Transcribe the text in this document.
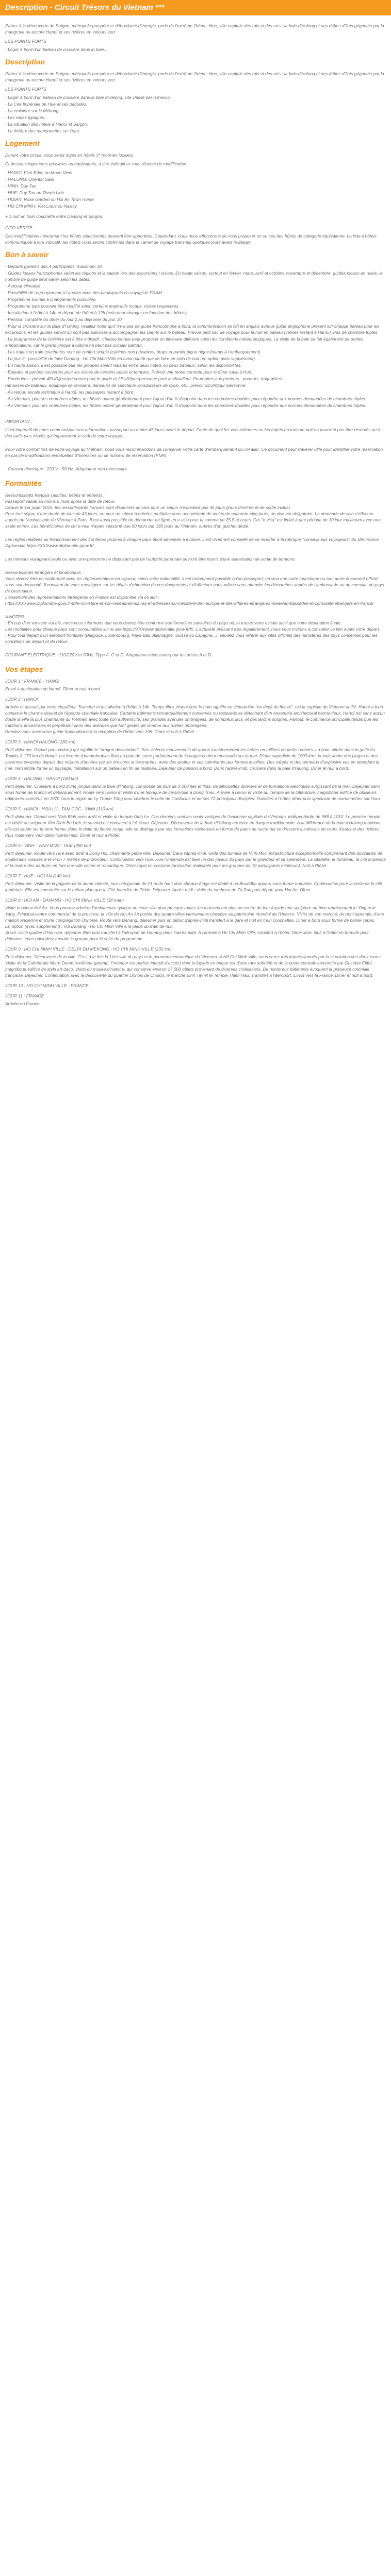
Description - Circuit Trésors du Vietnam ***

Partez à la découverte de Saïgon, métropole prospère et débordante d'énergie, perle de l'extrême Orient ; Hue, ville capitale des rois et des arts ; la baie d'Halong et ses drôles d'îlots grignotés par la mangrove ou encore Hanoï et ses rizières en velours vert.

LES POINTS FORTS

- Loger à bord d'un bateau de croisière dans la baie...

Description

Partez à la découverte de Saïgon, métropole prospère et débordante d'énergie, perle de l'extrême Orient ; Hue, ville capitale des rois et des arts ; la baie d'Halong et ses drôles d'îlots grignotés par la mangrove ou encore Hanoï et ses rizières en velours vert.

LES POINTS FORTS

- Loger à bord d'un bateau de croisière dans la baie d'Halong, site classé par l'Unesco.
- La Cité Impériale de Hué et ses pagodes.
- La croisière sur le Mékong.
- Les repas typiques.
- La situation des hôtels à Hanoï et Saïgon.
- Le théâtre des marionnettes sur l'eau.
Logement

Durant votre circuit, vous serez logés en hôtels 3* (normes locales).

Ci-dessous logements possibles ou équivalents, à titre indicatif et sous réserve de modification :

- HANOI: First Eden ou Moon View
- HALONG: Oriental Sails
- VINH: Duy Tan
- HUE: Duy Tan ou Thanh Lich
- HOIAN: Rose Garden ou Hoi An Town Home
- HO CHI MINH: Viet Lotus ou Nicecy

+ 1 nuit en train couchette entre Danang et Saïgon.

INFO VÉRITÉ

Des modifications concernant les hôtels sélectionnés peuvent être apportées. Cependant, nous nous efforcerons de vous proposer un ou ces des hôtels de catégorie équivalente. La liste d'hôtels communiquée à titre indicatif, les hôtels vous seront confirmés dans le carnet de voyage transmis quelques jours avant le départ.

Bon à savoir
- Départs garantis dès 4 participants, maximum 38.
- Guides locaux francophones selon les régions et la saison lors des excursions / visites. En haute saison, surtout en février, mars, avril et octobre, novembre et décembre, guides locaux en relais, le nombre de guide peut varier selon les dates.
- Autocar climatisé.
- Possibilité de regroupement à l'arrivée avec des participants du voyagiste FRAM.
- Programme soumis à changements possibles.
- Programme type pouvant être modifié selon certains impératifs locaux, visites respectées.
- Installation à l'hôtel à 14h et départ de l'hôtel à 12h (cela peut changer en fonction des hôtels).
- Pension complète du dîner du jour 2 au déjeuner du jour 10.
- Pour la croisière sur la Baie d'Halong, veuillez noter qu'il n'y a pas de guide francophone à bord, la communication se fait en anglais avec le guide anglophone présent sur chaque bateau pour les excursions, et les guides seront ou sont pas autorisés à accompagner les clients sur le bateau. Prévoir petit sac de voyage pour la nuit en bateau (valises restant à Hanoï). Pas de chambre triples.
- Le programme de la croisière est à titre indicatif : chaque jonque peut proposer un itinéraire différent selon les conditions météorologiques. La visite de la baie se fait également de petites embarcations, car le grand jonque à cabine ne peut pas circuler partout.
- Les trajets en train couchettes sont de confort simple (cabines non privatives, draps et panier pique nique fournis à l'embarquement).
- Le jour 2 : possibilité de faire Danang - Ho Chi Minh Ville en avion plutôt que de faire en train de nuit (en option avec supplément).
- En haute saison, il est possible que les groupes soient répartis entre deux hôtels ou deux bateaux, selon les disponibilités.
- Épaules et jambes couvertes pour les visites de certains palais et temples. Prévoir une tenue correcte pour le dîner royal à Hué.
- Pourboires : prévoir 4EUR/jour/personne pour le guide et 2EUR/jour/personne pour le chauffeur. Pourboires aux porteurs : porteurs, bagagistes...
ramasses de bateaux, équipage de croisière, danseurs de spectacle, conducteurs de cyclo, etc : prévoir 2EUR/jour /personne.
- Au retour, escale technique à Hanoï, les passagers restant à bord.
- Au Vietnam, pour les chambres triples, les hôtels optent généralement pour l'ajout d'un lit d'appoint dans les chambres doubles pour répondre aux normes demandées de chambres triples.
- Au Vietnam, pour les chambres triples, les hôtels optent généralement pour l'ajout d'un lit d'appoint dans les chambres doubles pour répondre aux normes demandées de chambres triples.

IMPORTANT :

Il est impératif de nous communiquer vos informations passeport au moins 45 jours avant le départ. Faute de quoi les vols intérieurs ou les trajets en train de nuit ne pourront pas être réservés ou à des tarifs plus élevés qui impacteront le coût de votre voyage.

Pour votre confort lors de votre voyage au Vietnam, nous vous recommandons de conserver votre carte d'embarquement du vol aller. Ce document peut s'avérer utile pour identifier votre réservation en cas de modifications éventuelles d'itinéraires ou de numéro de réservation (PNR).

- Courant électrique : 220 V - 50 Hz. Adaptateur non nécessaire.

Formalités

Ressortissants français (adultes, bébés et enfants) :
Passeport valide au moins 6 mois après la date de retour.
Depuis le 1er juillet 2015, les ressortissants français sont dispensés de visa pour un séjour n'excédant pas 45 jours (jours d'entrée et de sortie inclus).
Pour tout séjour d'une durée de plus de 45 jours, ou pour un séjour à entrées multiples dans une période de moins de quarante-cinq jours, un visa est obligatoire. La demande de visa s'effectue auprès de l'ambassade du Vietnam à Paris. Il est aussi possible de demander en ligne un e-visa pour la somme de 25 $ et cours. Cet "e-visa" est limité à une période de 30 jour maximum avec une seule entrée. Les bénéficiaires de cet e-visa n'ayant séjourné que 90 jours par 180 jours au Vietnam, auprès d'un guichet dédié.

Les règles relatives au franchissement des frontières propres à chaque pays étant amenées à évoluer, il est vivement conseillé de se reporter à la rubrique "conseils aux voyageurs" du site France Diplomatie,https://XXXwww.diplomatie.gouv.fr/.

Les mineurs voyageant seuls ou avec une personne ne disposant pas de l'autorité parentale devront être munis d'une autorisation de sortie de territoire.

Ressortissants étrangers et binationaux :
Vous devrez être en conformité avec les réglementations en vigueur, selon votre nationalité. Il est notamment possible qu'un passeport, un visa une carte touristique ou tout autre document officiel vous soit demandé. Il convient de vous renseigner sur les délais d'obtention de ces documents et d'effectuer vous-même sans attendre les démarches auprès de l'ambassade ou du consulat du pays de destination.
L'ensemble des représentations étrangères en France est disponible via ce lien :
https://XXXwww.diplomatie.gouv.fr/fr/le-ministere-et-son-reseau/annuaires-et-adresses-du-ministere-de-l-europe-et-des-affaires-etrangeres-meae/ambassades-et-consulats-etrangers-en-france/

A NOTER
- En cas d'un vol avec escale, nous vous informons que vous devrez être conforme aux formalités sanitaires du pays où se trouve votre escale ainsi que votre destination finale.
Les modalités pour chaque pays sont consultables sur le site https://XXXwww.diplomatie.gouv.fr/fr/. L'actualité évoluant très régulièrement, nous vous invitons à consulter ce lien avant votre départ.
- Pour tout départ d'un aéroport frontalier (Belgique, Luxembourg, Pays-Bas, Allemagne, Suisse ou Espagne...), veuillez vous référer aux sites officiels des ministères des pays concernés pour les conditions de départ et de retour.

COURANT ÉLECTRIQUE : 110/220V et 50Hz. Type A, C et D. Adaptateur nécessaire pour les prises A et D.

Vos étapes

JOUR 1 : FRANCE - HANOI

Envol à destination de Hanoï. Dîner et nuit à bord.

JOUR 2 : HANOI

Arrivée et accueil par votre chauffeur. Transfert et installation à l'hôtel à 14h. Temps libre. Hanoï dont le nom signifie en vietnamien "en deçà du fleuve", est la capitale du Vietnam unifié. Hanoï a bien conservé le charme désuet de l'époque coloniale française. Certains bâtiments remarquablement conservés ou restaurés se détachent d'un ensemble architectural harmonieux. Hanoï est sans aucun doute la ville la plus charmante du Vietnam avec toute son authenticité, ses grandes avenues ombragées, de nombreux lacs, et des jardins soignés. Partout, le commerce principale tandis que les traditions ancestrales et perpétuent dans des avenues que font gestes de charme aux ruelles ombragées.
Rendez-vous avec votre guide francophone à la réception de l'hôtel vers 19h. Dîner et nuit à l'hôtel.

JOUR 3 : HANOI HALONG (180 km)

Petit déjeuner. Départ pour Halong qui signifie le "dragon descendant". Ses violents mouvements de queue transformèrent les crêtes en milliers de petits rochers. La baie, située dans le golfe du Tonkin, à 170 km de Hanoï, est formée d'innombrables îlots en pain de sucre parfaitement de la vague couleur émeraude sur la mer. D'une superficie de 1500 km², la baie abrite des plages et des cavernes creusées depuis des millions d'années par les érosions et les marées, avec des grottes et ses culminants aux formes insolites. Des siégés et des anneaux d'explosive vus en attendant la mer, l'ensemble forme un paysage. Installation sur un bateau en fin de matinée. Déjeuner de poisson à bord. Dans l'après-midi, croisière dans la baie d'Halong. Dîner et nuit à bord.

JOUR 4 : HALONG - HANOI (180 km)

Petit déjeuner. Croisière à bord d'une jonque dans la baie d'Halong, composée de plus de 3 000 îles et îlots, de silhouettes diverses et de formations karstiques surgissant de la mer. Déjeuner servi sous forme de brunch et débarquement. Route vers Hanoï et visite d'une fabrique de céramique à Dong Trieu. Arrivée à Hanoï et visite du Temple de la Littérature, magnifique édifice de plusieurs bâtiments, construit en 1070 sous le règne de Ly Thanh Tông pour célébrer le culte de Confucius et de ses 72 principaux disciples. Transfert à l'hôtel, dîner puis spectacle de marionnettes sur l'eau.

JOUR 5 : HANOI - HOA LU - TAM COC - VINH (310 km)

Petit déjeuner. Départ vers Ninh Binh avec arrêt et visite du temple Dinh Le. Ces derniers sont les seuls vestiges de l'ancienne capitale du Vietnam, indépendante de 968 à 1010. Le premier temple est dédié au seigneur Viet Dinh Bo Linh, le second est consacré à Lê Hoan. Déjeuner. Découverte de la baie d'Halong terrestre en barque traditionnelle. À la différence de la baie d'Halong maritime, elle est située sur la terre ferme, dans le delta du fleuve rouge, elle se distingue par ses formations rocheuses en forme de pains de sucre qui se dressent au dessus de cours d'eaux et des rizières. Puis route vers Vinh dans l'après-midi. Dîner et nuit à l'hôtel.

JOUR 6 : VINH - VINH MOC - HUE (390 km)

Petit déjeuner. Route vers Hue avec arrêt à Dong Hoi, charmante petite ville. Déjeuner. Dans l'après-midi, visite des tunnels de Vinh Moc, infrastructure exceptionnelle comprenant des douzaines de souterrains creusés à environ 7 mètres de profondeur. Continuation vers Hue. Hue l'impériale est bien un des joyaux du pays par le grandeur et sa splendeur. La citadelle, le tombeau, la cité impériale et la rivière des parfums en font une ville calme et romantique. Dîner royal en costume (animation réalisable pour les groupes de 10 participants minimum). Nuit à l'hôtel.

JOUR 7 : HUE - HOI AN (140 km)

Petit déjeuner. Visite de la pagode de la dame céleste, tour octogonale de 21 m de haut dont chaque étage est dédié à un Bouddha apparu sous forme humaine. Continuation pour la visite de la cité impériale. Elle est construite sur le même plan que la Cité Interdite de Pékin. Déjeuner. Après-midi : visite du tombeau de Tu Duc puis départ pour Hoi An. Dîner.

JOUR 8 : HOI AN - DANANG - HO CHI MINH VILLE (38 train)

Visite du vieux Hoi An. Vous pourrez admirer l'architecture typique de cette ville dont presque toutes les maisons ont plus ou centre de leur façade une sculpture ou bien représentant le Ying et le Yang. Principal centre commercial de la province, la ville de Hoi An fut portée des quatre villes vietnamiens classées au patrimoine mondial de l'Unesco. Visite de son marché, du pont japonais, d'une maison ancienne et d'une congrégation chinoise. Route vers Danang, déjeuner puis en début d'après-midi transfert à la gare et nuit en train couchettes. Dîner à bord sous forme de panier repas.
En option (avec supplément) : Vol Danang - Ho Chi Minh Ville à la place du train de nuit.
Si vol, visite guidée d'Hoi Han, déjeuner libre puis transfert à l'aéroport de Danang dans l'après-midi. À l'arrivée à Ho Chi Minh Ville, transfert à l'hôtel. Dîner libre. Nuit à l'hôtel en formule petit déjeuner. Vous rejoindrez ensuite le groupe pour la suite du programme.

JOUR 9 : HO CHI MINH VILLE - DELTA DU MEKONG - HO CHI MINH VILLE (230 km)

Petit déjeuner. Découverte de la ville. C'est à la fois la 1ère ville du pays et le poumon économique du Vietnam. À Hô Chi Minh Ville, vous serez très impressionnés par la circulation des deux roues. Visite de la Cathédrale Notre-Dame (extérieur garanti), l'intérieur est parfois interdit d'accès) dont la façade en brique est d'une rare sobriété et de la poste centrale construite par Gustave Eiffel, magnifique édifice de style art deco. Visite du musée d'histoire, qui conserve environ 17 000 objets provenant de diverses civilisations. De nombreux bâtiments évoquent la présence coloniale française. Déjeuner. Continuation avec la découverte du quartier chinois de Cholon, le marché Binh Tay et le Temple Thien Hau. Transfert à l'aéroport. Envol vers la France. Dîner et nuit à bord.

JOUR 10 : HO CHI MINH VILLE - FRANCE

JOUR 11 : FRANCE

Arrivée en France.
